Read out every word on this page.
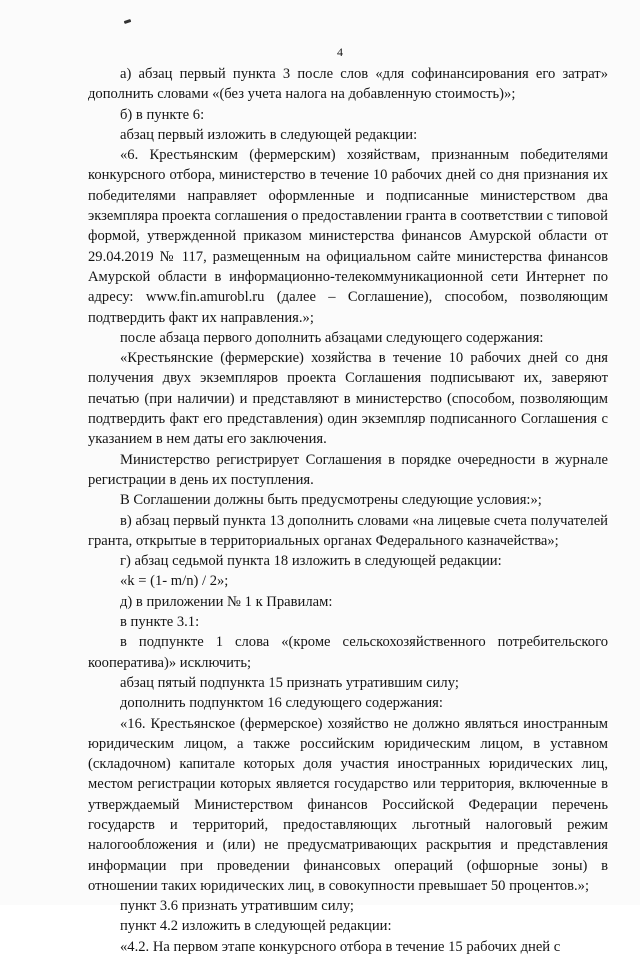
4

а) абзац первый пункта 3 после слов «для софинансирования его затрат» дополнить словами «(без учета налога на добавленную стоимость)»;

б) в пункте 6:

абзац первый изложить в следующей редакции:

«6. Крестьянским (фермерским) хозяйствам, признанным победителями конкурсного отбора, министерство в течение 10 рабочих дней со дня признания их победителями направляет оформленные и подписанные министерством два экземпляра проекта соглашения о предоставлении гранта в соответствии с типовой формой, утвержденной приказом министерства финансов Амурской области от 29.04.2019 № 117, размещенным на официальном сайте министерства финансов Амурской области в информационно-телекоммуникационной сети Интернет по адресу: www.fin.amurobl.ru (далее – Соглашение), способом, позволяющим подтвердить факт их направления.»;

после абзаца первого дополнить абзацами следующего содержания:

«Крестьянские (фермерские) хозяйства в течение 10 рабочих дней со дня получения двух экземпляров проекта Соглашения подписывают их, заверяют печатью (при наличии) и представляют в министерство (способом, позволяющим подтвердить факт его представления) один экземпляр подписанного Соглашения с указанием в нем даты его заключения.

Министерство регистрирует Соглашения в порядке очередности в журнале регистрации в день их поступления.

В Соглашении должны быть предусмотрены следующие условия:»;

в) абзац первый пункта 13 дополнить словами «на лицевые счета получателей гранта, открытые в территориальных органах Федерального казначейства»;

г) абзац седьмой пункта 18 изложить в следующей редакции:

«k = (1- m/n) / 2»;

д) в приложении № 1 к Правилам:

в пункте 3.1:

в подпункте 1 слова «(кроме сельскохозяйственного потребительского кооператива)» исключить;

абзац пятый подпункта 15 признать утратившим силу;

дополнить подпунктом 16 следующего содержания:

«16. Крестьянское (фермерское) хозяйство не должно являться иностранным юридическим лицом, а также российским юридическим лицом, в уставном (складочном) капитале которых доля участия иностранных юридических лиц, местом регистрации которых является государство или территория, включенные в утверждаемый Министерством финансов Российской Федерации перечень государств и территорий, предоставляющих льготный налоговый режим налогообложения и (или) не предусматривающих раскрытия и представления информации при проведении финансовых операций (офшорные зоны) в отношении таких юридических лиц, в совокупности превышает 50 процентов.»;

пункт 3.6 признать утратившим силу;

пункт 4.2 изложить в следующей редакции:

«4.2. На первом этапе конкурсного отбора в течение 15 рабочих дней с
